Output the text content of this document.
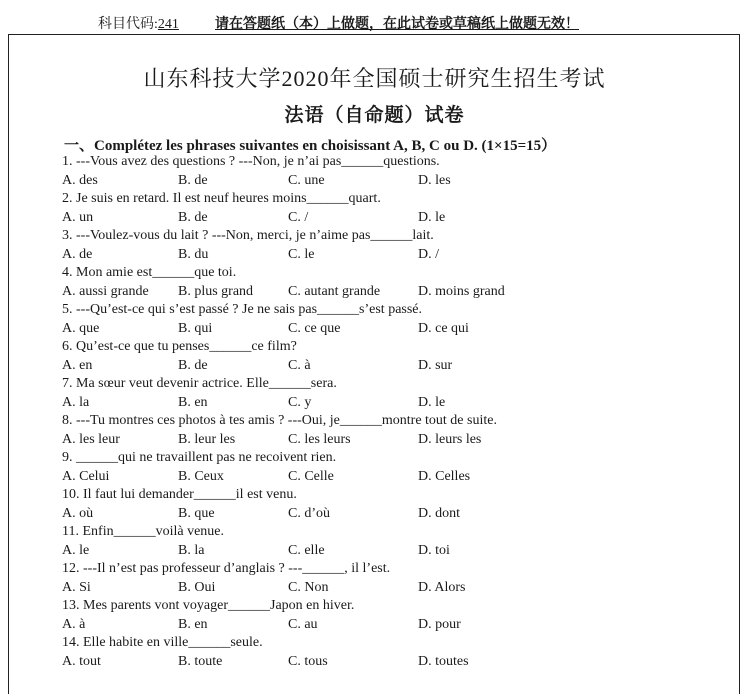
科目代码:241	请在答题纸（本）上做题，在此试卷或草稿纸上做题无效！
山东科技大学2020年全国硕士研究生招生考试
法语（自命题）试卷
一、Complétez les phrases suivantes en choisissant A, B, C ou D. (1×15=15）
1. ---Vous avez des questions ? ---Non, je n’ai pas______questions.
A. des	B. de	C. une	D. les
2. Je suis en retard. Il est neuf heures moins______quart.
A. un	B. de	C. /	D. le
3. ---Voulez-vous du lait ? ---Non, merci, je n’aime pas______lait.
A. de	B. du	C. le	D. /
4. Mon amie est______que toi.
A. aussi grande B. plus grand C. autant grande	D. moins grand
5. ---Qu’est-ce qui s’est passé ? Je ne sais pas______s’est passé.
A. que	B. qui	C. ce que	D. ce qui
6. Qu’est-ce que tu penses______ce film?
A. en	B. de	C. à	D. sur
7. Ma sœur veut devenir actrice. Elle______sera.
A. la	B. en	C. y	D. le
8. ---Tu montres ces photos à tes amis ? ---Oui, je______montre tout de suite.
A. les leur	B. leur les	C. les leurs	D. leurs les
9. ______qui ne travaillent pas ne recoivent rien.
A. Celui	B. Ceux	C. Celle	D. Celles
10. Il faut lui demander______il est venu.
A. où	B. que	C. d’où	D. dont
11. Enfin______voilà venue.
A. le	B. la	C. elle	D. toi
12. ---Il n’est pas professeur d’anglais ? ---______, il l’est.
A. Si	B. Oui	C. Non	D. Alors
13. Mes parents vont voyager______Japon en hiver.
A. à	B. en	C. au	D. pour
14. Elle habite en ville______seule.
A. tout	B. toute	C. tous	D. toutes
